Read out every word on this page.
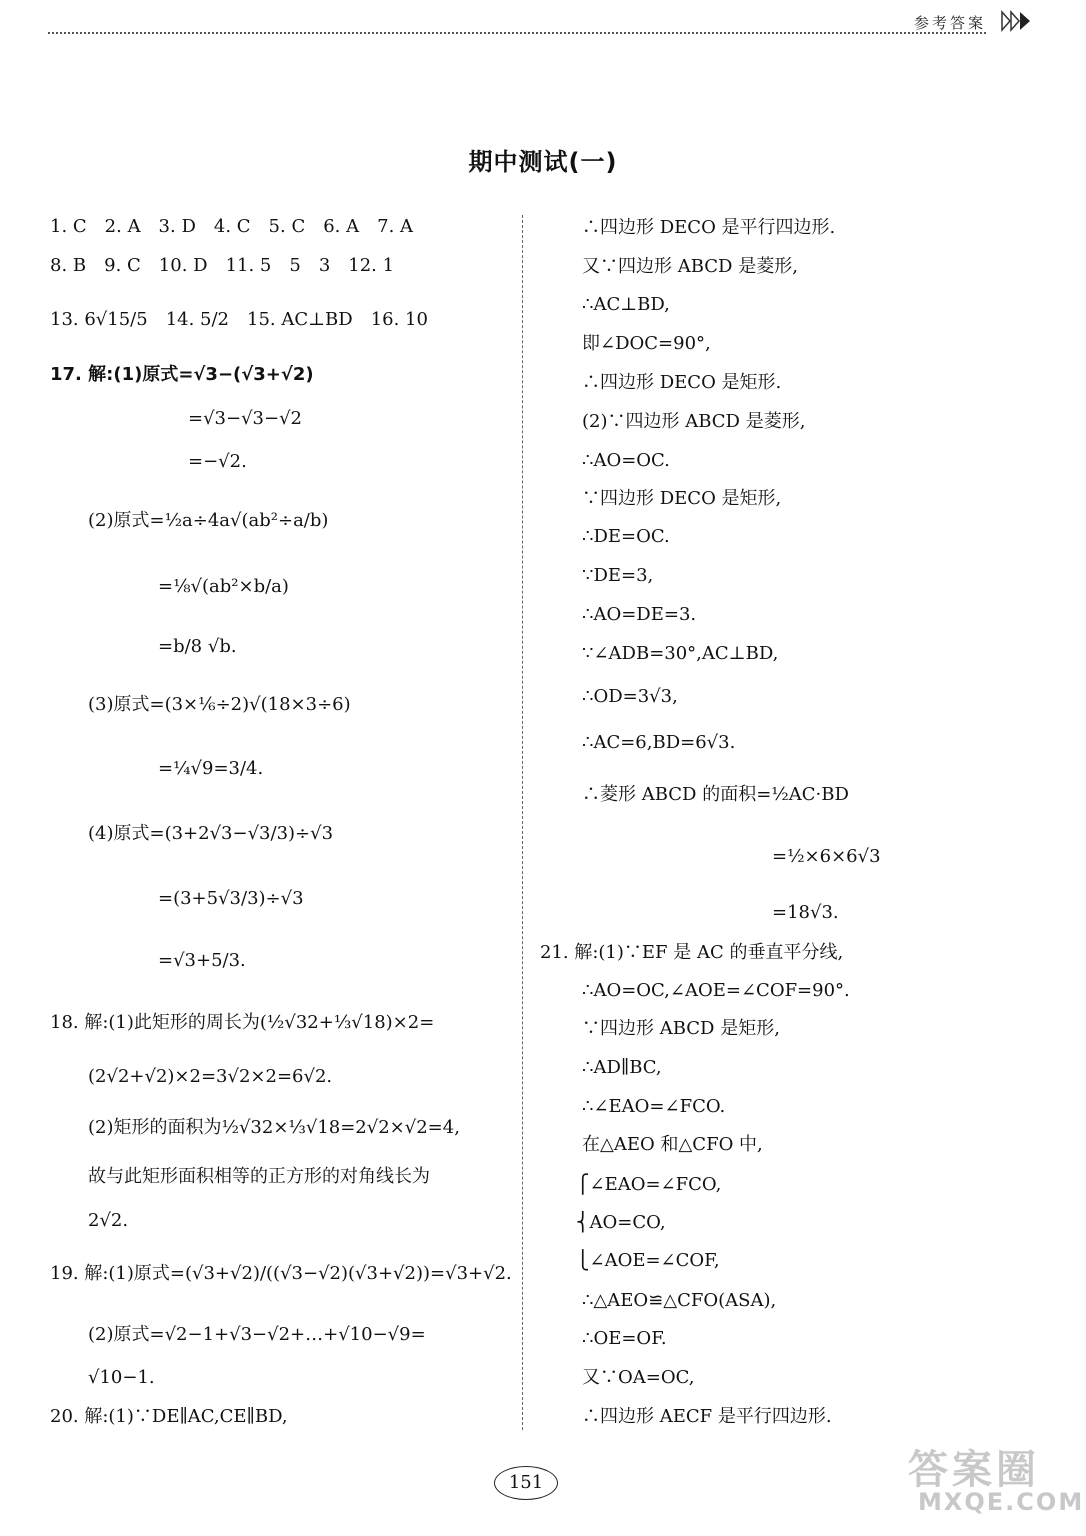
参考答案
期中测试(一)
1. C　2. A　3. D　4. C　5. C　6. A　7. A
8. B　9. C　10. D　11. 5　5　3　12. 1
13. 6√15/5　14. 5/2　15. AC⊥BD　16. 10
17. 解:(1)原式=√3−(√3+√2)
=√3−√3−√2
=−√2.
(2)原式=½a÷4a√(ab²÷a/b)
=⅛√(ab²×b/a)
=b/8 √b.
(3)原式=(3×⅙÷2)√(18×3÷6)
=¼√9=3/4.
(4)原式=(3+2√3−√3/3)÷√3
=(3+5√3/3)÷√3
=√3+5/3.
18. 解:(1)此矩形的周长为(½√32+⅓√18)×2=
(2√2+√2)×2=3√2×2=6√2.
(2)矩形的面积为½√32×⅓√18=2√2×√2=4,
故与此矩形面积相等的正方形的对角线长为
2√2.
19. 解:(1)原式=(√3+√2)/((√3−√2)(√3+√2))=√3+√2.
(2)原式=√2−1+√3−√2+…+√10−√9=
√10−1.
20. 解:(1)∵DE∥AC,CE∥BD,
∴四边形 DECO 是平行四边形.
又∵四边形 ABCD 是菱形,
∴AC⊥BD,
即∠DOC=90°,
∴四边形 DECO 是矩形.
(2)∵四边形 ABCD 是菱形,
∴AO=OC.
∵四边形 DECO 是矩形,
∴DE=OC.
∵DE=3,
∴AO=DE=3.
∵∠ADB=30°,AC⊥BD,
∴OD=3√3,
∴AC=6,BD=6√3.
∴菱形 ABCD 的面积=½AC·BD
=½×6×6√3
=18√3.
21. 解:(1)∵EF 是 AC 的垂直平分线,
∴AO=OC,∠AOE=∠COF=90°.
∵四边形 ABCD 是矩形,
∴AD∥BC,
∴∠EAO=∠FCO.
在△AEO 和△CFO 中,
⎧∠EAO=∠FCO,
⎨AO=CO,
⎩∠AOE=∠COF,
∴△AEO≌△CFO(ASA),
∴OE=OF.
又∵OA=OC,
∴四边形 AECF 是平行四边形.
151	答案圈
MXQE.COM
